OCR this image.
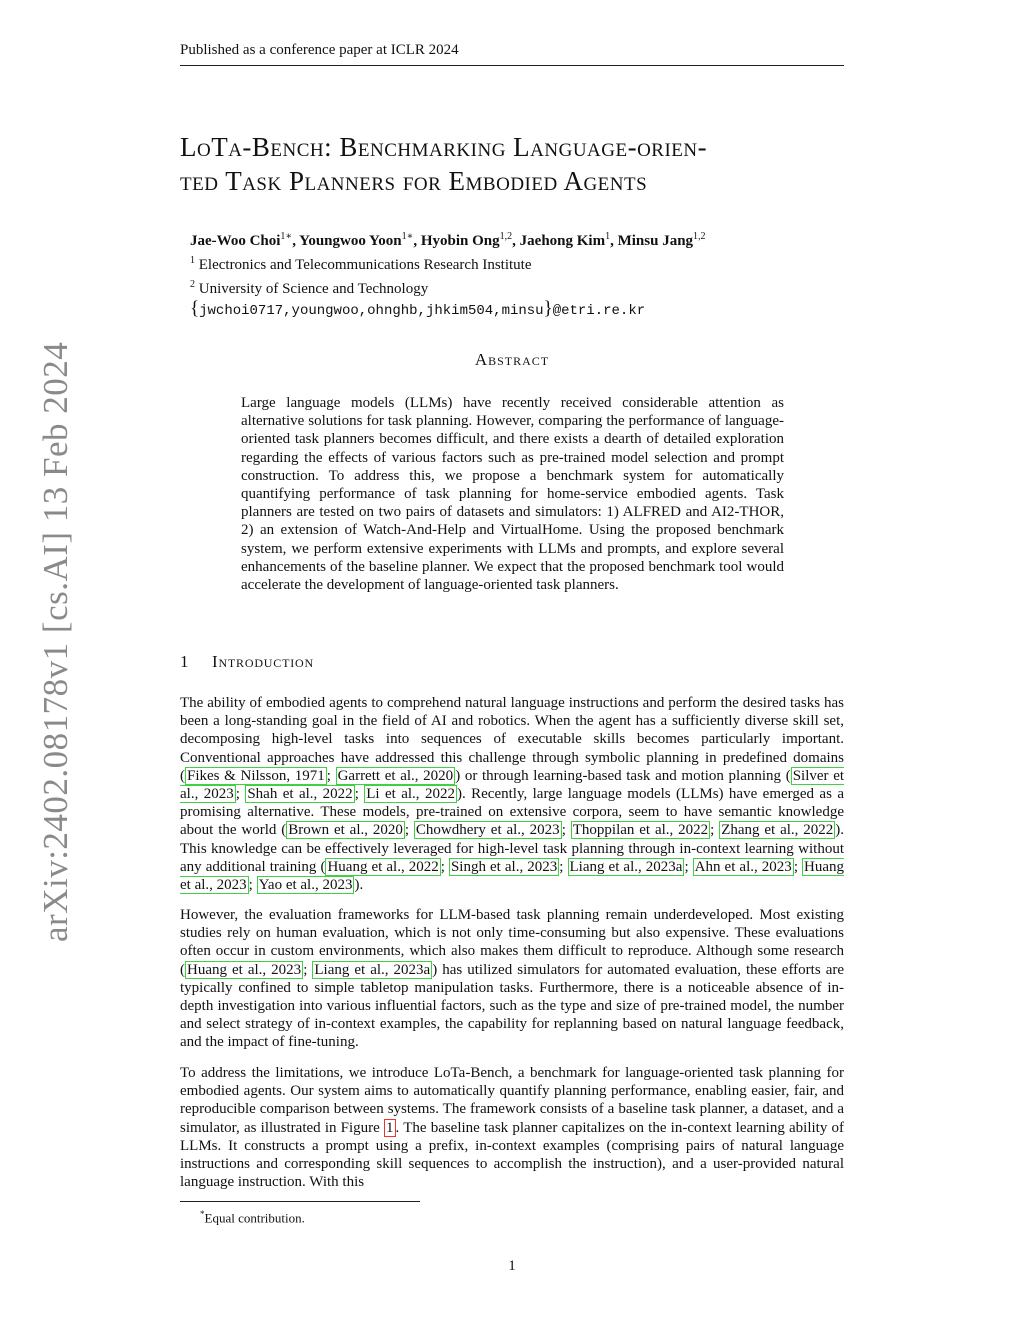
Published as a conference paper at ICLR 2024
LoTa-Bench: Benchmarking Language-orien-
ted Task Planners for Embodied Agents
Jae-Woo Choi$^{1∗}$, Youngwoo Yoon$^{1∗}$, Hyobin Ong$^{1,2}$, Jaehong Kim$^1$, Minsu Jang$^{1,2}$
$^1$ Electronics and Telecommunications Research Institute
$^2$ University of Science and Technology
{jwchoi0717,youngwoo,ohnghb,jhkim504,minsu}@etri.re.kr
arXiv:2402.08178v1 [cs.AI] 13 Feb 2024	Abstract

Large language models (LLMs) have recently received considerable attention as alternative solutions for task planning. However, comparing the performance of language-oriented task planners becomes difficult, and there exists a dearth of detailed exploration regarding the effects of various factors such as pre-trained model selection and prompt construction. To address this, we propose a benchmark system for automatically quantifying performance of task planning for home-service embodied agents. Task planners are tested on two pairs of datasets and simulators: 1) ALFRED and AI2-THOR, 2) an extension of Watch-And-Help and VirtualHome. Using the proposed benchmark system, we perform extensive experiments with LLMs and prompts, and explore several enhancements of the baseline planner. We expect that the proposed benchmark tool would accelerate the development of language-oriented task planners.

1 Introduction

The ability of embodied agents to comprehend natural language instructions and perform the desired tasks has been a long-standing goal in the field of AI and robotics. When the agent has a sufficiently diverse skill set, decomposing high-level tasks into sequences of executable skills becomes particularly important. Conventional approaches have addressed this challenge through symbolic planning in predefined domains ( Fikes & Nilsson, 1971 ; Garrett et al., 2020 ) or through learning-based task and motion planning ( Silver et al., 2023 ; Shah et al., 2022 ; Li et al., 2022 ). Recently, large language models (LLMs) have emerged as a promising alternative. These models, pre-trained on extensive corpora, seem to have semantic knowledge about the world ( Brown et al., 2020 ; Chowdhery et al., 2023 ; Thoppilan et al., 2022 ; Zhang et al., 2022 ). This knowledge can be effectively leveraged for high-level task planning through in-context learning without any additional training ( Huang et al., 2022 ; Singh et al., 2023 ; Liang et al., 2023a ; Ahn et al., 2023 ; Huang et al., 2023 ; Yao et al., 2023 ).

However, the evaluation frameworks for LLM-based task planning remain underdeveloped. Most existing studies rely on human evaluation, which is not only time-consuming but also expensive. These evaluations often occur in custom environments, which also makes them difficult to reproduce. Although some research ( Huang et al., 2023 ; Liang et al., 2023a ) has utilized simulators for automated evaluation, these efforts are typically confined to simple tabletop manipulation tasks. Furthermore, there is a noticeable absence of in-depth investigation into various influential factors, such as the type and size of pre-trained model, the number and select strategy of in-context examples, the capability for replanning based on natural language feedback, and the impact of fine-tuning.

To address the limitations, we introduce LoTa-Bench, a benchmark for language-oriented task planning for embodied agents. Our system aims to automatically quantify planning performance, enabling easier, fair, and reproducible comparison between systems. The framework consists of a baseline task planner, a dataset, and a simulator, as illustrated in Figure 1 . The baseline task planner capitalizes on the in-context learning ability of LLMs. It constructs a prompt using a prefix, in-context examples (comprising pairs of natural language instructions and corresponding skill sequences to accomplish the instruction), and a user-provided natural language instruction. With this

*Equal contribution.
1
